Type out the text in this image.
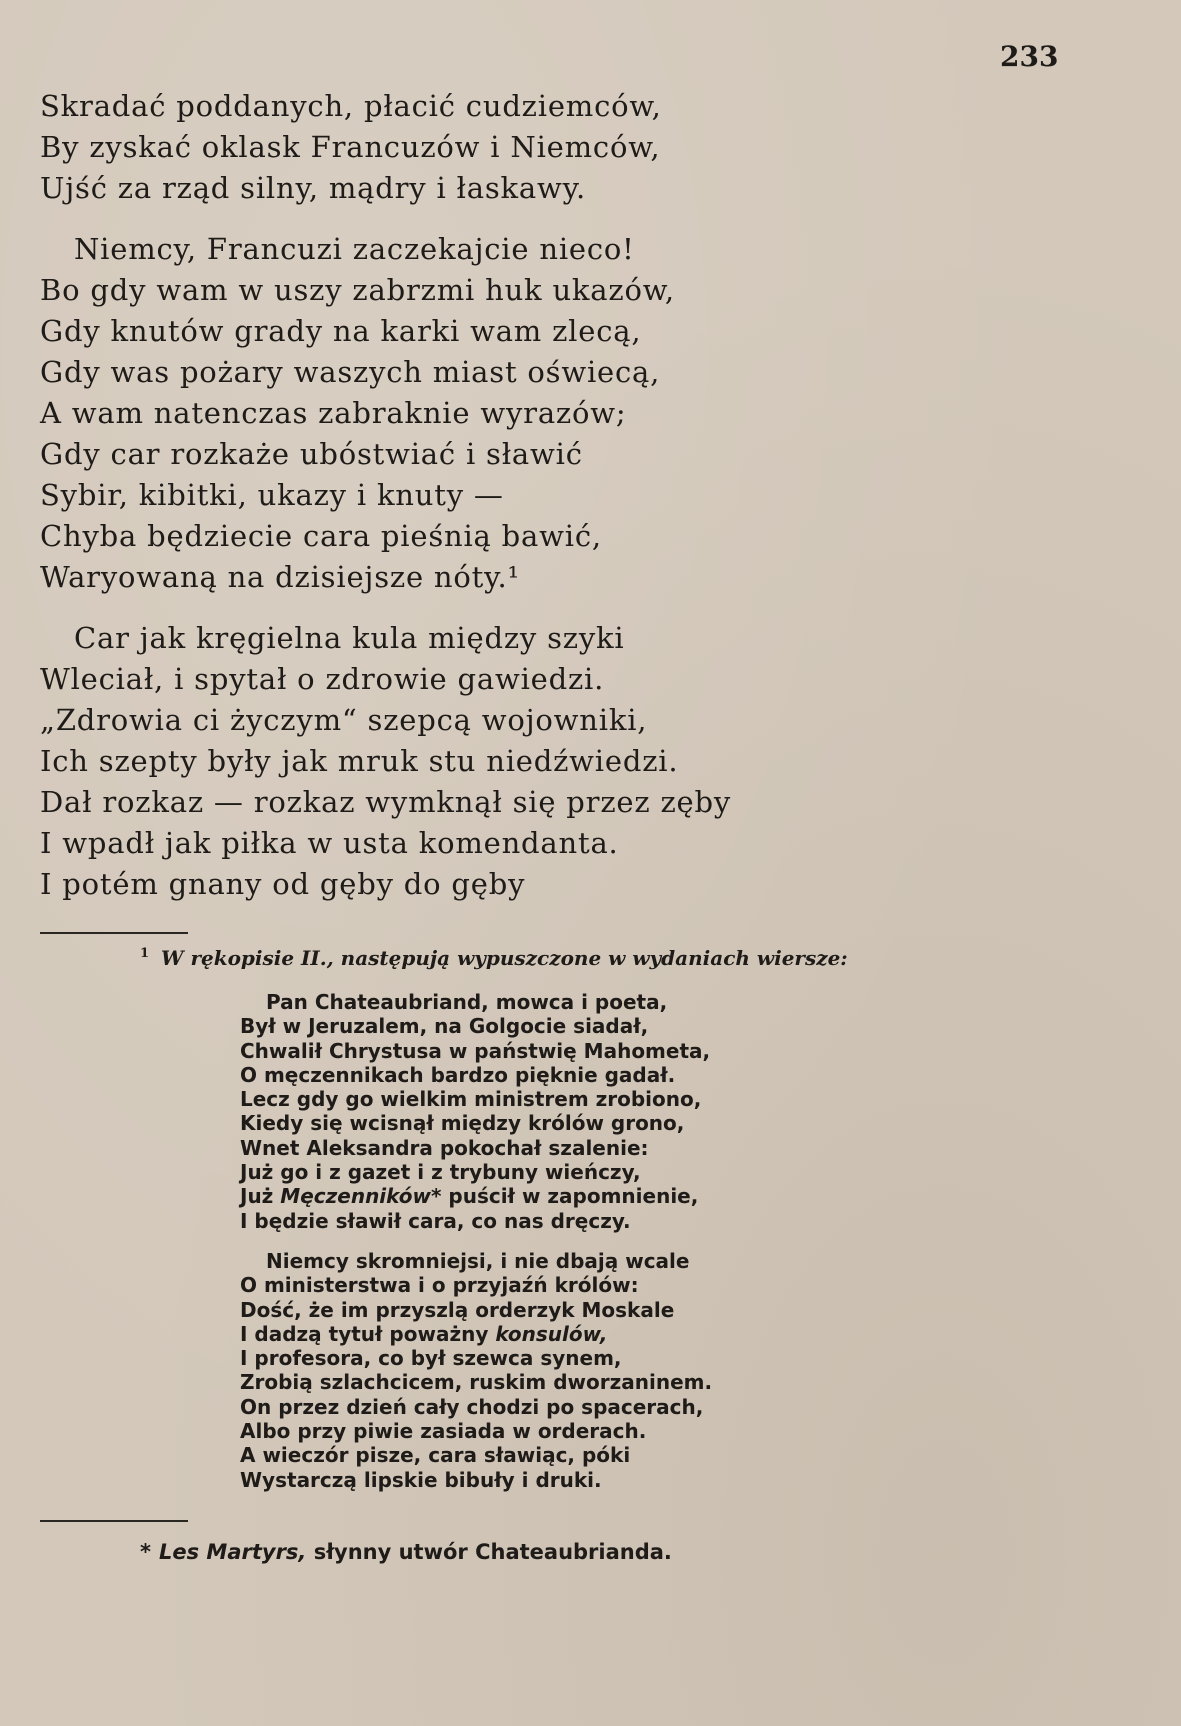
233
Skradać poddanych, płacić cudziemców,
By zyskać oklask Francuzów i Niemców,
Ujść za rząd silny, mądry i łaskawy.
Niemcy, Francuzi zaczekajcie nieco!
Bo gdy wam w uszy zabrzmi huk ukazów,
Gdy knutów grady na karki wam zlecą,
Gdy was pożary waszych miast oświecą,
A wam natenczas zabraknie wyrazów;
Gdy car rozkaże ubóstwiać i sławić
Sybir, kibitki, ukazy i knuty —
Chyba będziecie cara pieśnią bawić,
Waryowaną na dzisiejsze nóty.¹
Car jak kręgielna kula między szyki
Wleciał, i spytał o zdrowie gawiedzi.
„Zdrowia ci życzym“ szepcą wojowniki,
Ich szepty były jak mruk stu niedźwiedzi.
Dał rozkaz — rozkaz wymknął się przez zęby
I wpadł jak piłka w usta komendanta.
I potém gnany od gęby do gęby
$^1$ W rękopisie II., następują wypuszczone w wydaniach wiersze:
Pan Chateaubriand, mowca i poeta,
Był w Jeruzalem, na Golgocie siadał,
Chwalił Chrystusa w państwię Mahometa,
O męczennikach bardzo pięknie gadał.
Lecz gdy go wielkim ministrem zrobiono,
Kiedy się wcisnął między królów grono,
Wnet Aleksandra pokochał szalenie:
Już go i z gazet i z trybuny wieńczy,
Już Męczenników* puścił w zapomnienie,
I będzie sławił cara, co nas dręczy.
Niemcy skromniejsi, i nie dbają wcale
O ministerstwa i o przyjaźń królów:
Dość, że im przyszlą orderzyk Moskale
I dadzą tytuł poważny konsulów,
I profesora, co był szewca synem,
Zrobią szlachcicem, ruskim dworzaninem.
On przez dzień cały chodzi po spacerach,
Albo przy piwie zasiada w orderach.
A wieczór pisze, cara sławiąc, póki
Wystarczą lipskie bibuły i druki.
* Les Martyrs, słynny utwór Chateaubrianda.
